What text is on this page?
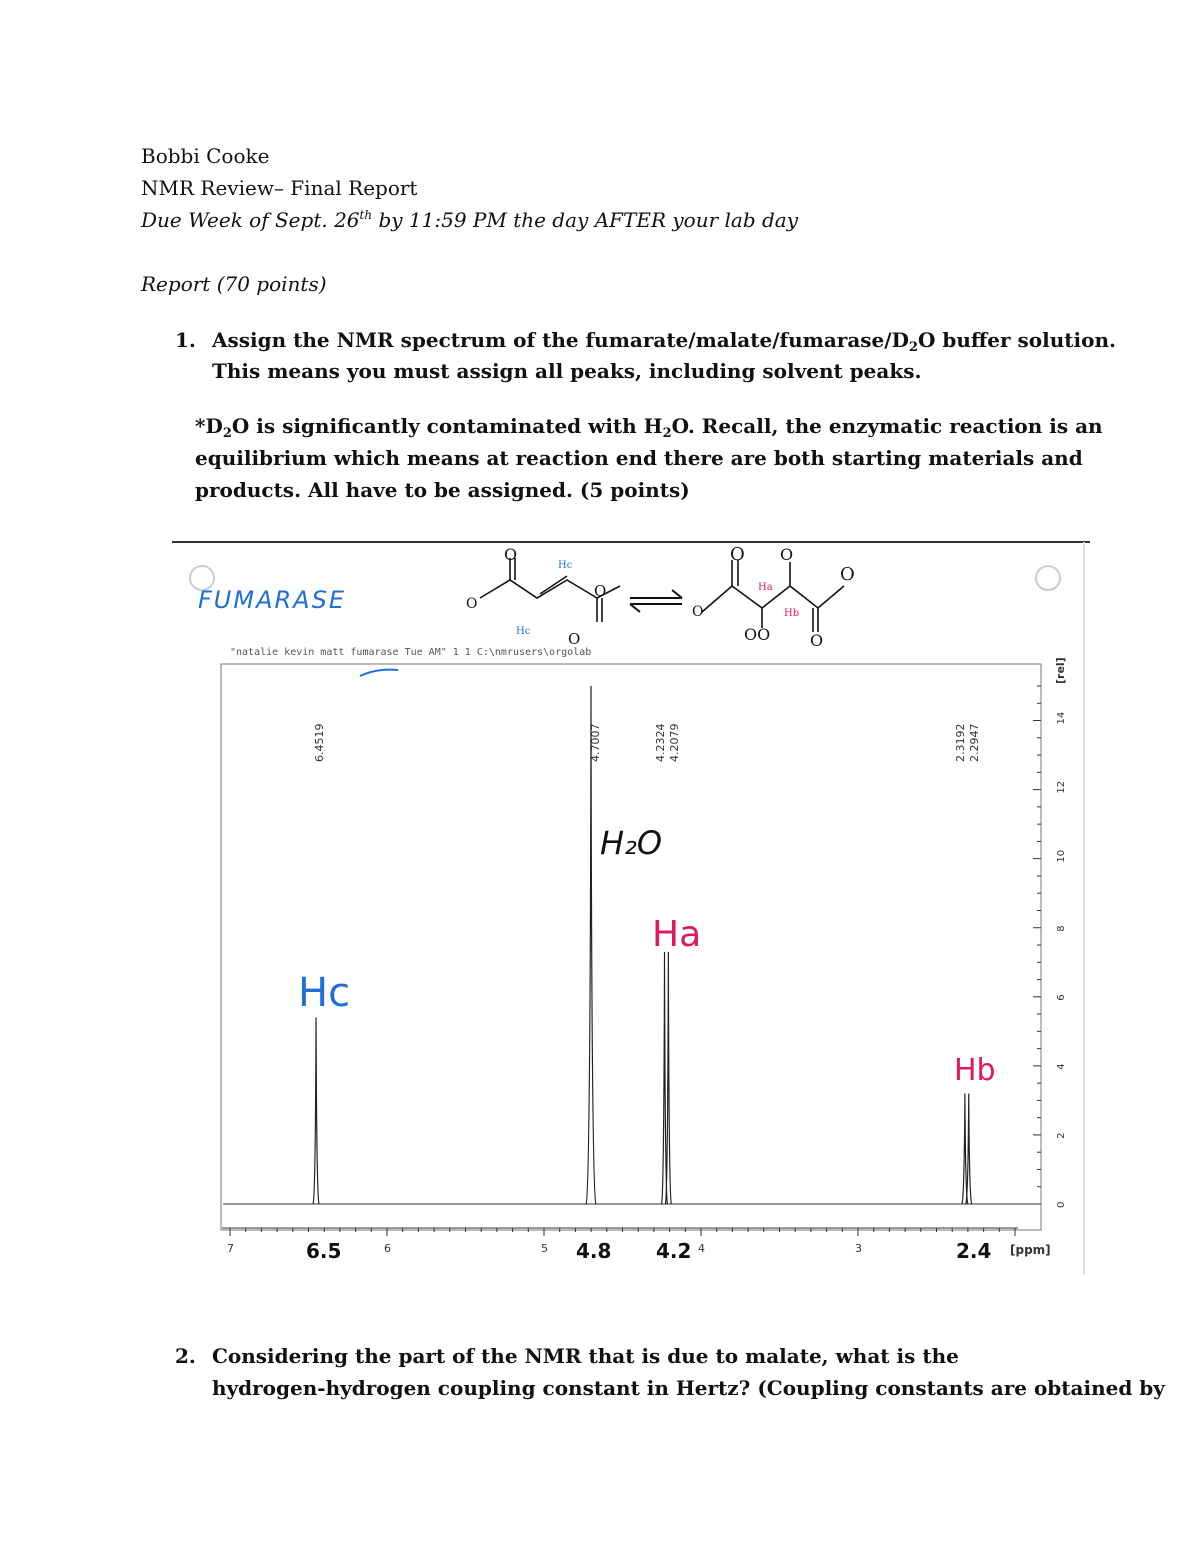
Bobbi Cooke
NMR Review– Final Report
Due Week of Sept. 26th by 11:59 PM the day AFTER your lab day
Report (70 points)
1. Assign the NMR spectrum of the fumarate/$malate/fumarase/D_2O$ buffer solution.
This means you must assign all peaks, including solvent peaks.
$*D_2O$ is significantly contaminated with $H_2O$. Recall, the enzymatic reaction is an
equilibrium which means at reaction end there are both starting materials and
products. All have to be assigned. (5 points)
FUMARASE
O
O
O
O
Hc
Hc
O O
O
O
OO O
Ha
Hb
"natalie kevin matt fumarase Tue AM" 1 1 C:\nmrusers\orgolab
6.4519	4.7007	4.2324 4.2079	2.3192 2.2947
0
2
4
6
8
10
12
14
[rel]
7	6	5	4	3	[ppm]
6.5	4.8 4.2	2.4
Hc
H₂O
Ha
Hb
2. Considering the part of the NMR that is due to malate, what is the
hydrogen-hydrogen coupling constant in Hertz? (Coupling constants are obtained by
